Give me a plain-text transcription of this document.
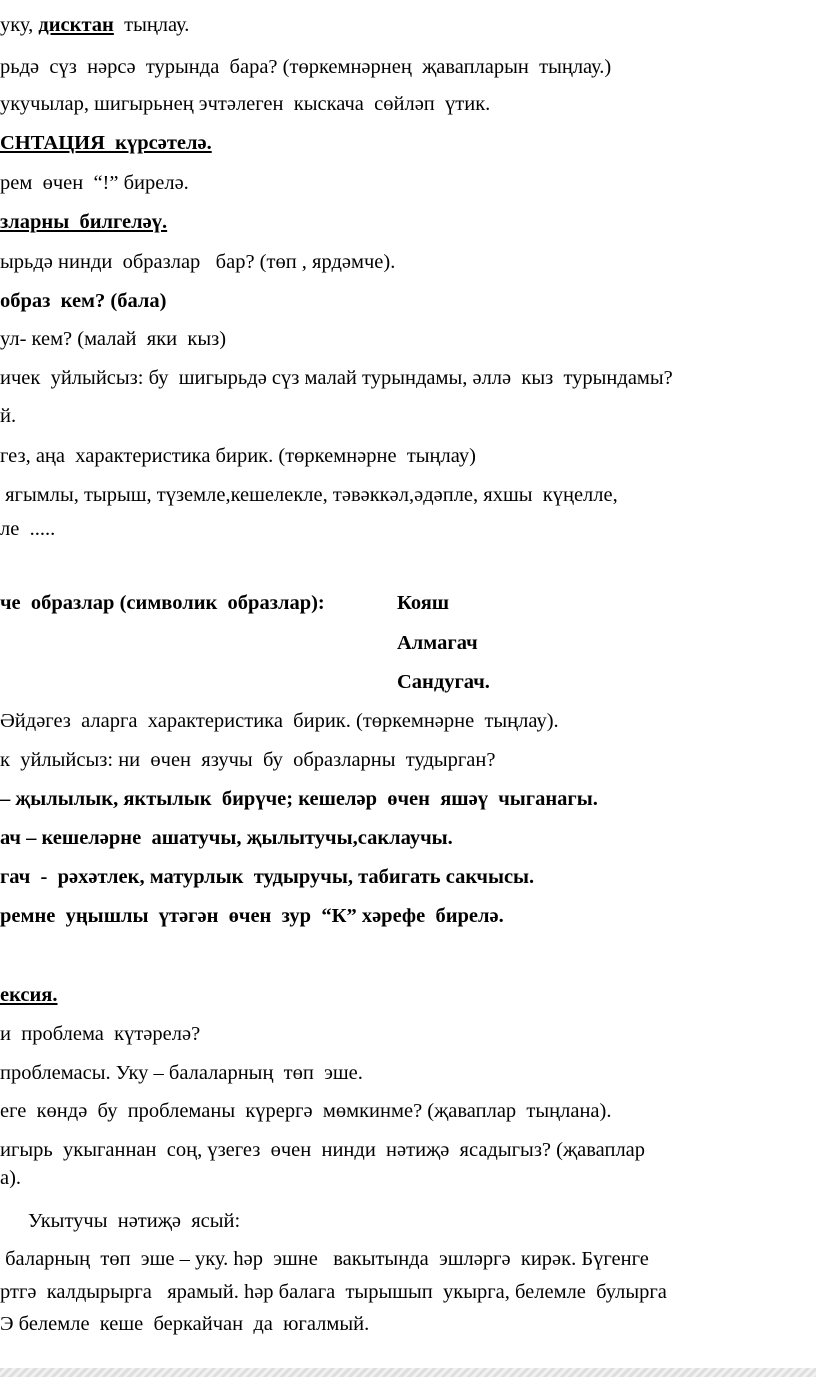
уку, дисктан  тыңлау.
рьдә  сүз  нәрсә  турында  бара? (төркемнәрнең  җавапларын  тыңлау.)
укучылар, шигырьнең эчтәлеген  кыскача  сөйләп  үтик.
СНТАЦИЯ  күрсәтелә.
рем  өчен  “!” бирелә.
зларны  билгеләү.
ырьдә нинди  образлар   бар? (төп , ярдәмче).
образ  кем? (бала)
ул- кем? (малай  яки  кыз)
ичек  уйлыйсыз: бу  шигырьдә сүз малай турындамы, әллә  кыз  турындамы?
й.
гез, аңа  характеристика бирик. (төркемнәрне  тыңлау)
ягымлы, тырыш, түземле,кешелекле, тәвәккәл,әдәпле, яхшы  күңелле,
ле  .....
че  образлар (символик  образлар):	Кояш
Алмагач
Сандугач.
Әйдәгез  аларга  характеристика  бирик. (төркемнәрне  тыңлау).
к  уйлыйсыз: ни  өчен  язучы  бу  образларны  тудырган?
– җылылык, яктылык  бирүче; кешеләр  өчен  яшәү  чыганагы.
ач – кешеләрне  ашатучы, җылытучы,саклаучы.
гач  -  рәхәтлек, матурлык  тудыручы, табигать сакчысы.
ремне  уңышлы  үтәгән  өчен  зур  “К” хәрефе  бирелә.
ексия.
и  проблема  күтәрелә?
проблемасы. Уку – балаларның  төп  эше.
еге  көндә  бу  проблеманы  күрергә  мөмкинме? (җаваплар  тыңлана).
игырь  укыганнан  соң, үзегез  өчен  нинди  нәтиҗә  ясадыгыз? (җаваплар
а).
Укытучы  нәтиҗә  ясый:
баларның  төп  эше – уку. һәр  эшне   вакытында  эшләргә  кирәк. Бүгенге
ртгә  калдырырга   ярамый. һәр балага  тырышып  укырга, белемле  булырга
Э белемле  кеше  беркайчан  да  югалмый.
